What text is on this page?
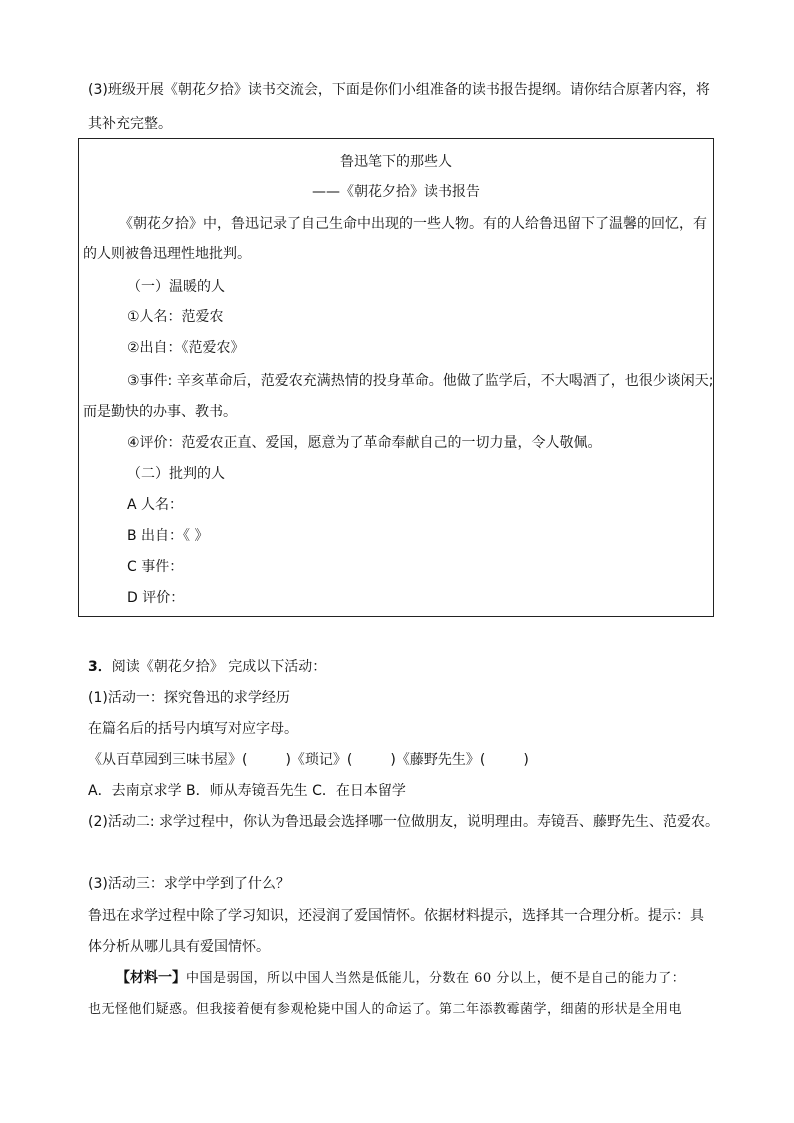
(3)班级开展《朝花夕拾》读书交流会，下面是你们小组准备的读书报告提纲。请你结合原著内容，将
其补充完整。
鲁迅笔下的那些人
——《朝花夕拾》读书报告
《朝花夕拾》中，鲁迅记录了自己生命中出现的一些人物。有的人给鲁迅留下了温馨的回忆，有
的人则被鲁迅理性地批判。
（一）温暖的人
①人名：范爱农
②出自：《范爱农》
③事件: 辛亥革命后，范爱农充满热情的投身革命。他做了监学后，不大喝酒了，也很少谈闲天;
而是勤快的办事、教书。
④评价：范爱农正直、爱国，愿意为了革命奉献自己的一切力量，令人敬佩。
（二）批判的人
A 人名：
B 出自：《 》
C 事件：
D 评价：
3．阅读《朝花夕拾》 完成以下活动：
(1)活动一：探究鲁迅的求学经历
在篇名后的括号内填写对应字母。
《从百草园到三味书屋》(	)《琐记》(	)《藤野先生》(	)
A．去南京求学 B．师从寿镜吾先生 C．在日本留学
(2)活动二: 求学过程中，你认为鲁迅最会选择哪一位做朋友，说明理由。寿镜吾、藤野先生、范爱农。
(3)活动三：求学中学到了什么？
鲁迅在求学过程中除了学习知识，还浸润了爱国情怀。依据材料提示，选择其一合理分析。提示：具
体分析从哪儿具有爱国情怀。
【材料一】中国是弱国，所以中国人当然是低能儿，分数在 60 分以上，便不是自己的能力了：
也无怪他们疑惑。但我接着便有参观枪毙中国人的命运了。第二年添教霉菌学，细菌的形状是全用电
